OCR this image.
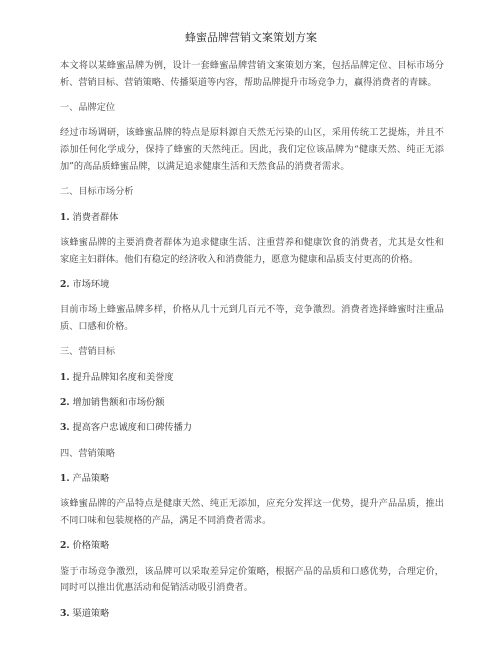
蜂蜜品牌营销文案策划方案

本文将以某蜂蜜品牌为例，设计一套蜂蜜品牌营销文案策划方案，包括品牌定位、目标市场分析、营销目标、营销策略、传播渠道等内容，帮助品牌提升市场竞争力，赢得消费者的青睐。

一、品牌定位

经过市场调研，该蜂蜜品牌的特点是原料源自天然无污染的山区，采用传统工艺提炼，并且不添加任何化学成分，保持了蜂蜜的天然纯正。因此，我们定位该品牌为“健康天然、纯正无添加”的高品质蜂蜜品牌，以满足追求健康生活和天然食品的消费者需求。

二、目标市场分析

1. 消费者群体

该蜂蜜品牌的主要消费者群体为追求健康生活、注重营养和健康饮食的消费者，尤其是女性和家庭主妇群体。他们有稳定的经济收入和消费能力，愿意为健康和品质支付更高的价格。

2. 市场环境

目前市场上蜂蜜品牌多样，价格从几十元到几百元不等，竞争激烈。消费者选择蜂蜜时注重品质、口感和价格。

三、营销目标

1. 提升品牌知名度和美誉度

2. 增加销售额和市场份额

3. 提高客户忠诚度和口碑传播力

四、营销策略

1. 产品策略

该蜂蜜品牌的产品特点是健康天然、纯正无添加，应充分发挥这一优势，提升产品品质，推出不同口味和包装规格的产品，满足不同消费者需求。

2. 价格策略

鉴于市场竞争激烈，该品牌可以采取差异定价策略，根据产品的品质和口感优势，合理定价，同时可以推出优惠活动和促销活动吸引消费者。

3. 渠道策略
